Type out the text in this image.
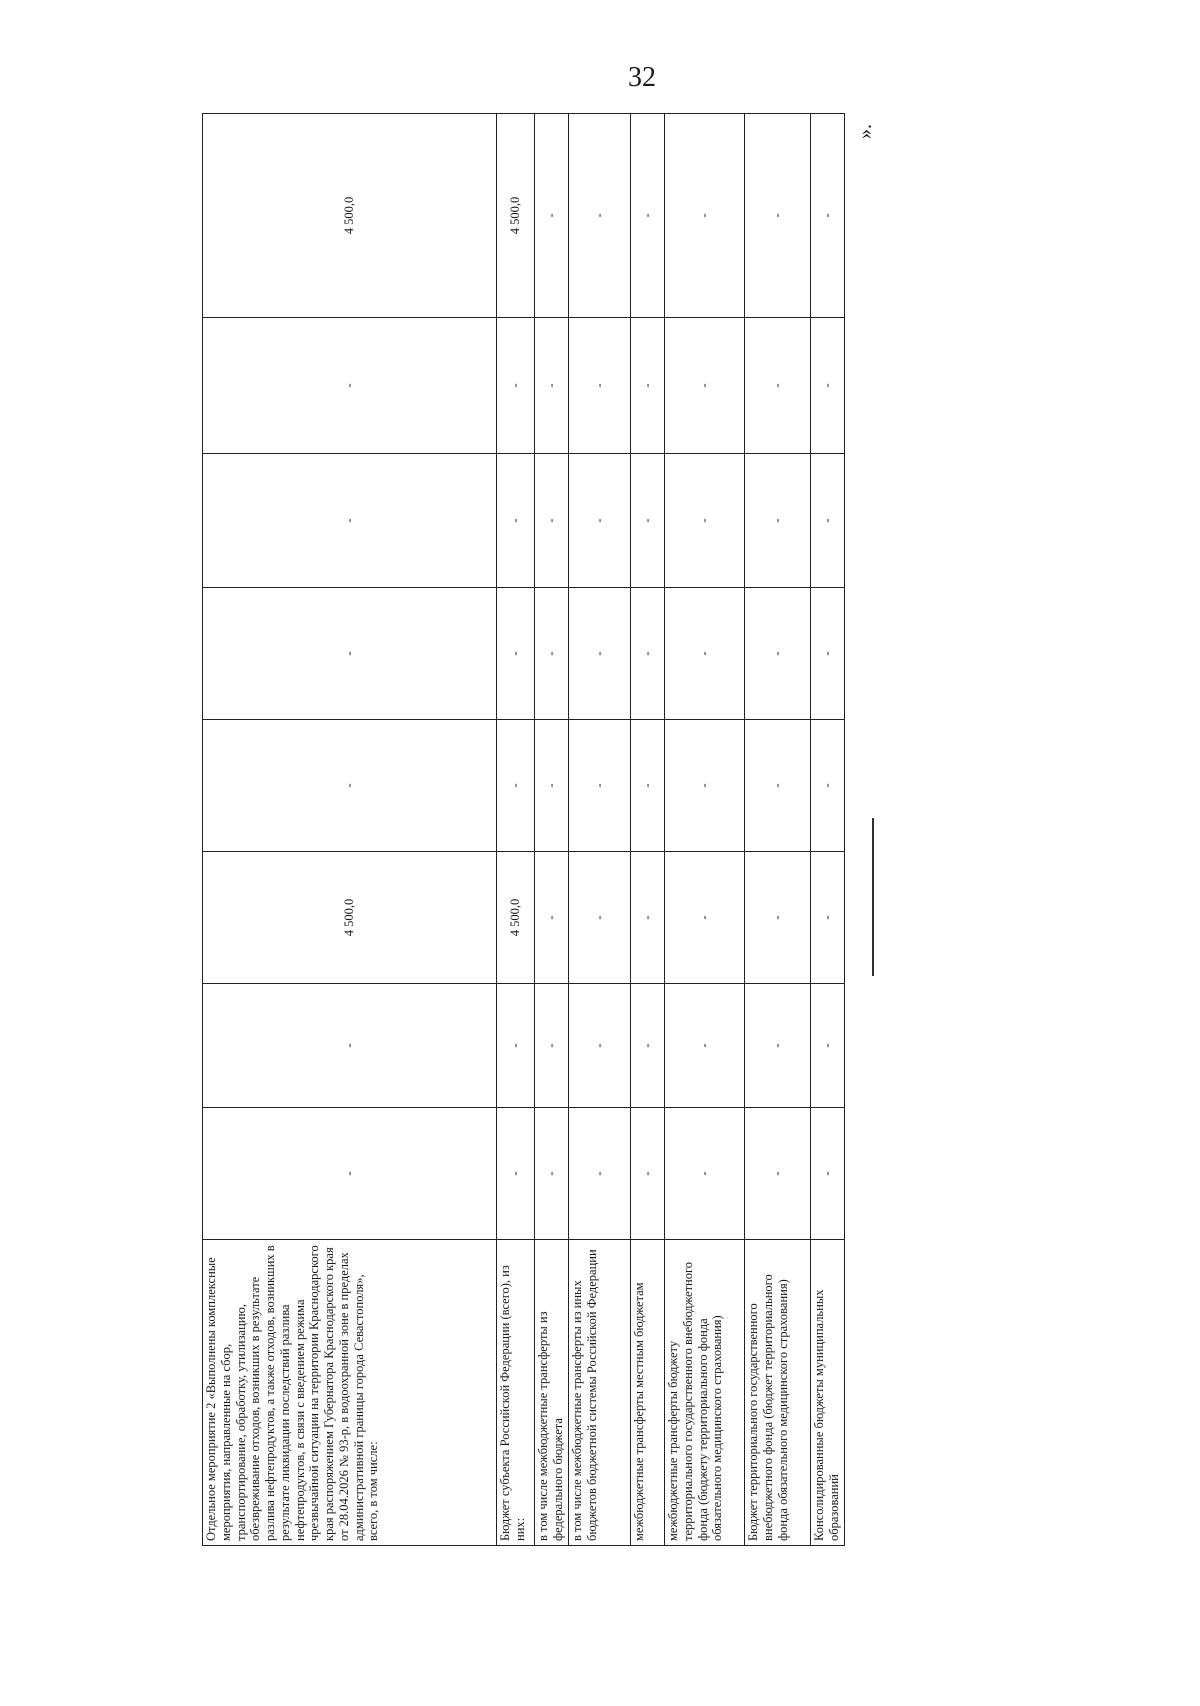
32
Отдельное мероприятие 2 «Выполнены комплексные мероприятия, направленные на сбор, транспортирование, обработку, утилизацию, обезвреживание отходов, возникших в результате разлива нефтепродуктов, а также отходов, возникших в результате ликвидации последствий разлива нефтепродуктов, в связи с введением режима чрезвычайной ситуации на территории Краснодарского края распоряжением Губернатора Краснодарского края от 28.04.2026 № 93-р, в водоохранной зоне в пределах административной границы города Севастополя», всего, в том числе:	-	-	4 500,0	-	-	-	-	4 500,0
Бюджет субъекта Российской Федерации (всего), из них:	-	-	4 500,0	-	-	-	-	4 500,0
в том числе межбюджетные трансферты из федерального бюджета	-	-	-	-	-	-	-	-
в том числе межбюджетные трансферты из иных бюджетов бюджетной системы Российской Федерации	-	-	-	-	-	-	-	-
межбюджетные трансферты местным бюджетам	-	-	-	-	-	-	-	-
межбюджетные трансферты бюджету территориального государственного внебюджетного фонда (бюджету территориального фонда обязательного медицинского страхования)	-	-	-	-	-	-	-	-
Бюджет территориального государственного внебюджетного фонда (бюджет территориального фонда обязательного медицинского страхования)	-	-	-	-	-	-	-	-
Консолидированные бюджеты муниципальных образований	-	-	-	-	-	-	-	-
».
